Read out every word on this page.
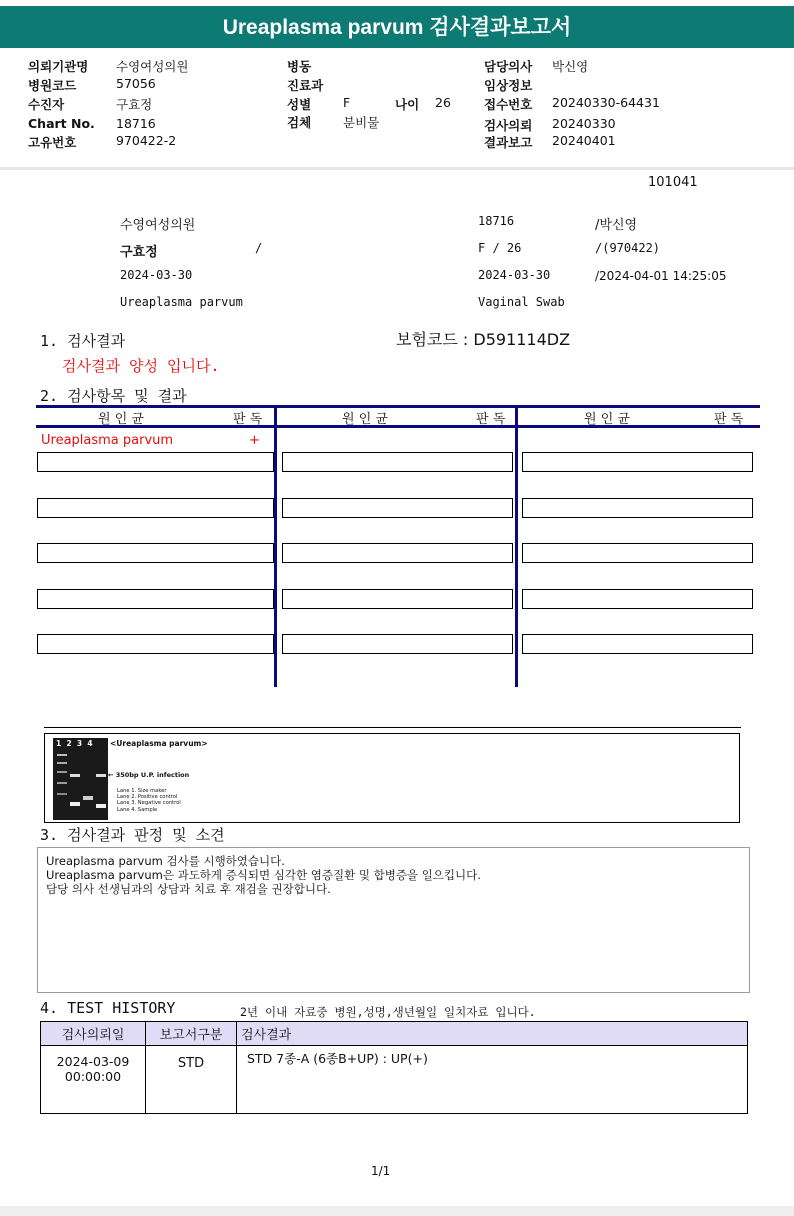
Ureaplasma parvum 검사결과보고서
의뢰기관명 수영여성의원	병동	담당의사 박신영
병원코드	57056	진료과	임상정보
수진자	구효정	성별	F	나이 26	접수번호 20240330-64431
Chart No. 18716	검체	분비물	검사의뢰 20240330
고유번호	970422-2	결과보고 20240401
101041
수영여성의원	18716	/박신영
구효정	/	F / 26	/(970422)
2024-03-30	2024-03-30	/2024-04-01 14:25:05
Ureaplasma parvum	Vaginal Swab
1. 검사결과	보험코드 : D591114DZ
검사결과 양성 입니다.
2. 검사항목 및 결과
원 인 균	판 독	원 인 균	판 독	원 인 균	판 독
Ureaplasma parvum	+
1  2  3  4 <Ureaplasma parvum>
← 350bp U.P. infection
Lane 1. Size maker
Lane 2. Positive control
Lane 3. Negative control
Lane 4. Sample
3. 검사결과 판정 및 소견
Ureaplasma parvum 검사를 시행하였습니다.
Ureaplasma parvum은 과도하게 증식되면 심각한 염증질환 및 합병증을 일으킵니다.
담당 의사 선생님과의 상담과 치료 후 재검을 권장합니다.
4. TEST HISTORY	2년 이내 자료중 병원,성명,생년월일 일치자료 입니다.
검사의뢰일	보고서구분	검사결과

2024-03-09
00:00:00	STD	STD 7종-A (6종B+UP) : UP(+)
1/1
